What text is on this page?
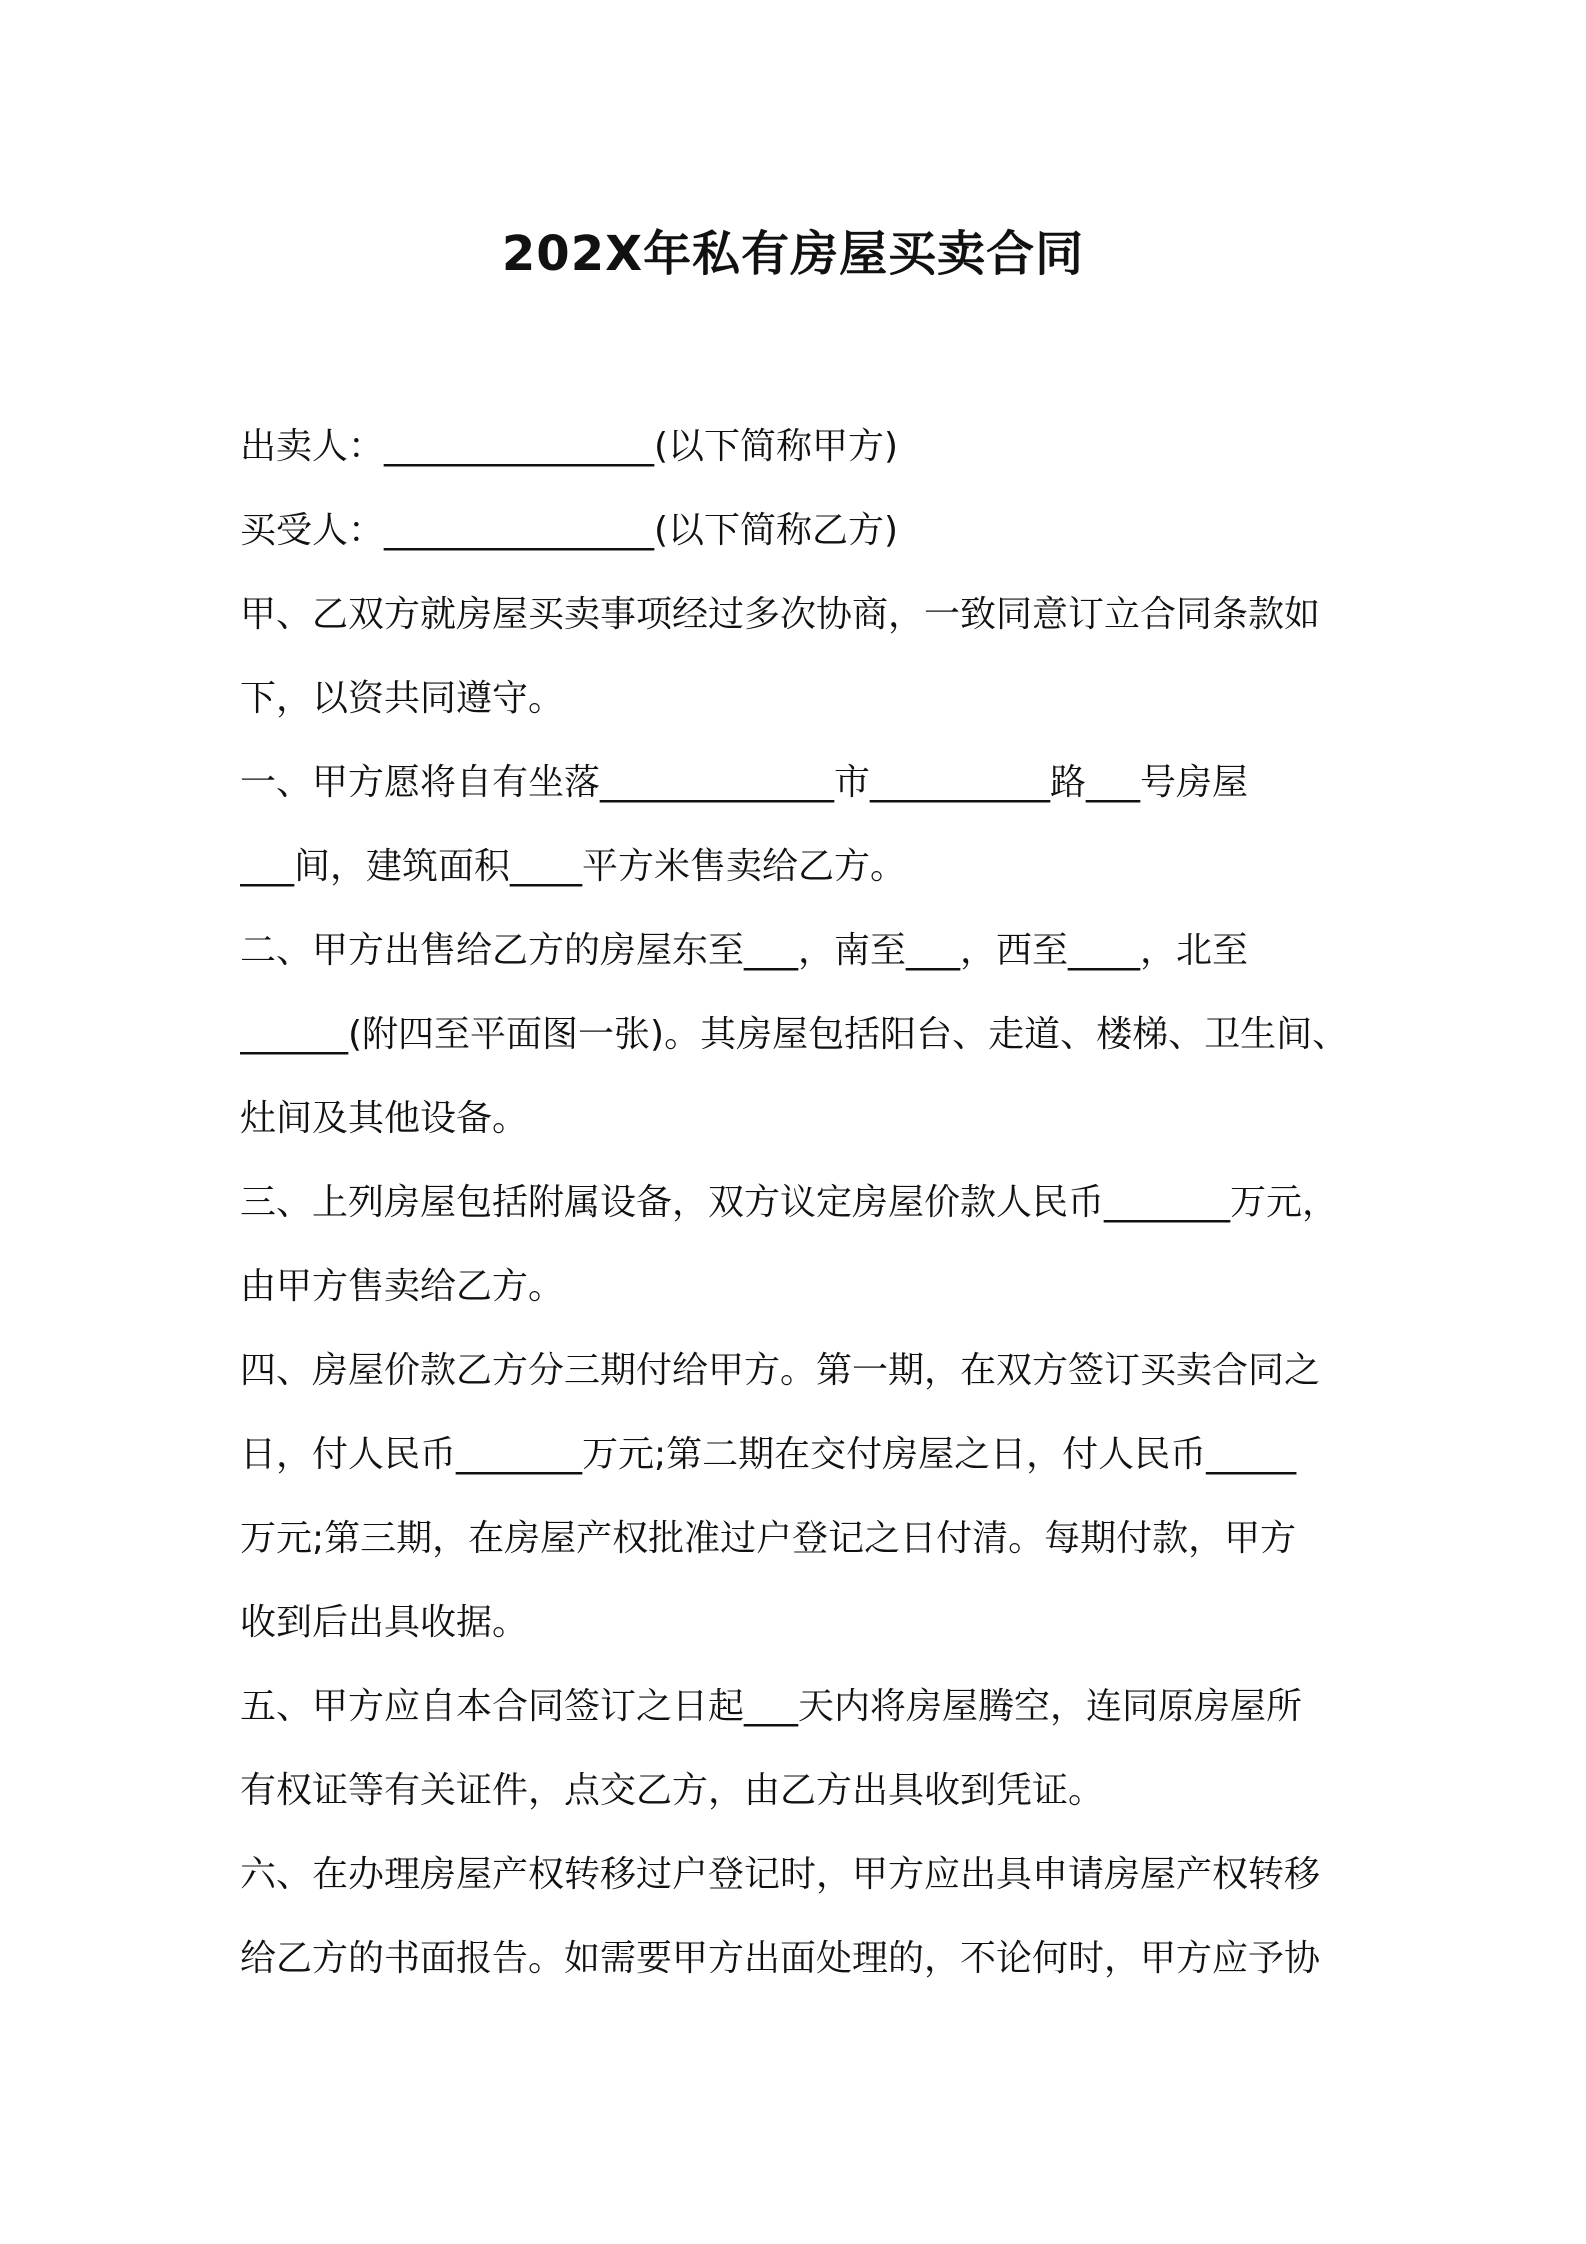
202X年私有房屋买卖合同
出卖人：_______________(以下简称甲方)
买受人：_______________(以下简称乙方)
甲、乙双方就房屋买卖事项经过多次协商，一致同意订立合同条款如
下，以资共同遵守。
一、甲方愿将自有坐落_____________市__________路___号房屋
___间，建筑面积____平方米售卖给乙方。
二、甲方出售给乙方的房屋东至___，南至___，西至____，北至
______(附四至平面图一张)。其房屋包括阳台、走道、楼梯、卫生间、
灶间及其他设备。
三、上列房屋包括附属设备，双方议定房屋价款人民币_______万元，
由甲方售卖给乙方。
四、房屋价款乙方分三期付给甲方。第一期，在双方签订买卖合同之
日，付人民币_______万元;第二期在交付房屋之日，付人民币_____
万元;第三期，在房屋产权批准过户登记之日付清。每期付款，甲方
收到后出具收据。
五、甲方应自本合同签订之日起___天内将房屋腾空，连同原房屋所
有权证等有关证件，点交乙方，由乙方出具收到凭证。
六、在办理房屋产权转移过户登记时，甲方应出具申请房屋产权转移
给乙方的书面报告。如需要甲方出面处理的，不论何时，甲方应予协
